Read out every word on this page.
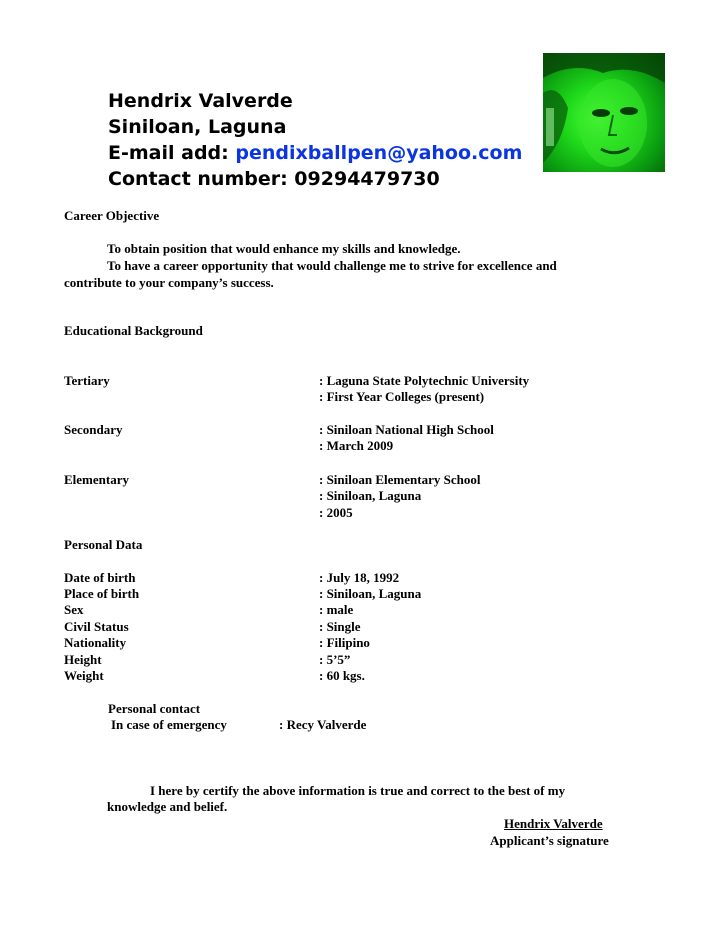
Hendrix Valverde
Siniloan, Laguna
E-mail add: pendixballpen@yahoo.com
Contact number: 09294479730
Career Objective
To obtain position that would enhance my skills and knowledge.
To have a career opportunity that would challenge me to strive for excellence and
contribute to your company’s success.
Educational Background
Tertiary	: Laguna State Polytechnic University
: First Year Colleges (present)
Secondary	: Siniloan National High School
: March 2009
Elementary	: Siniloan Elementary School
: Siniloan, Laguna
: 2005
Personal Data
Date of birth	: July 18, 1992
Place of birth	: Siniloan, Laguna
Sex	: male
Civil Status	: Single
Nationality	: Filipino
Height	: 5’5”
Weight	: 60 kgs.
Personal contact
In case of emergency	: Recy Valverde
I here by certify the above information is true and correct to the best of my
knowledge and belief.
Hendrix Valverde
Applicant’s signature
